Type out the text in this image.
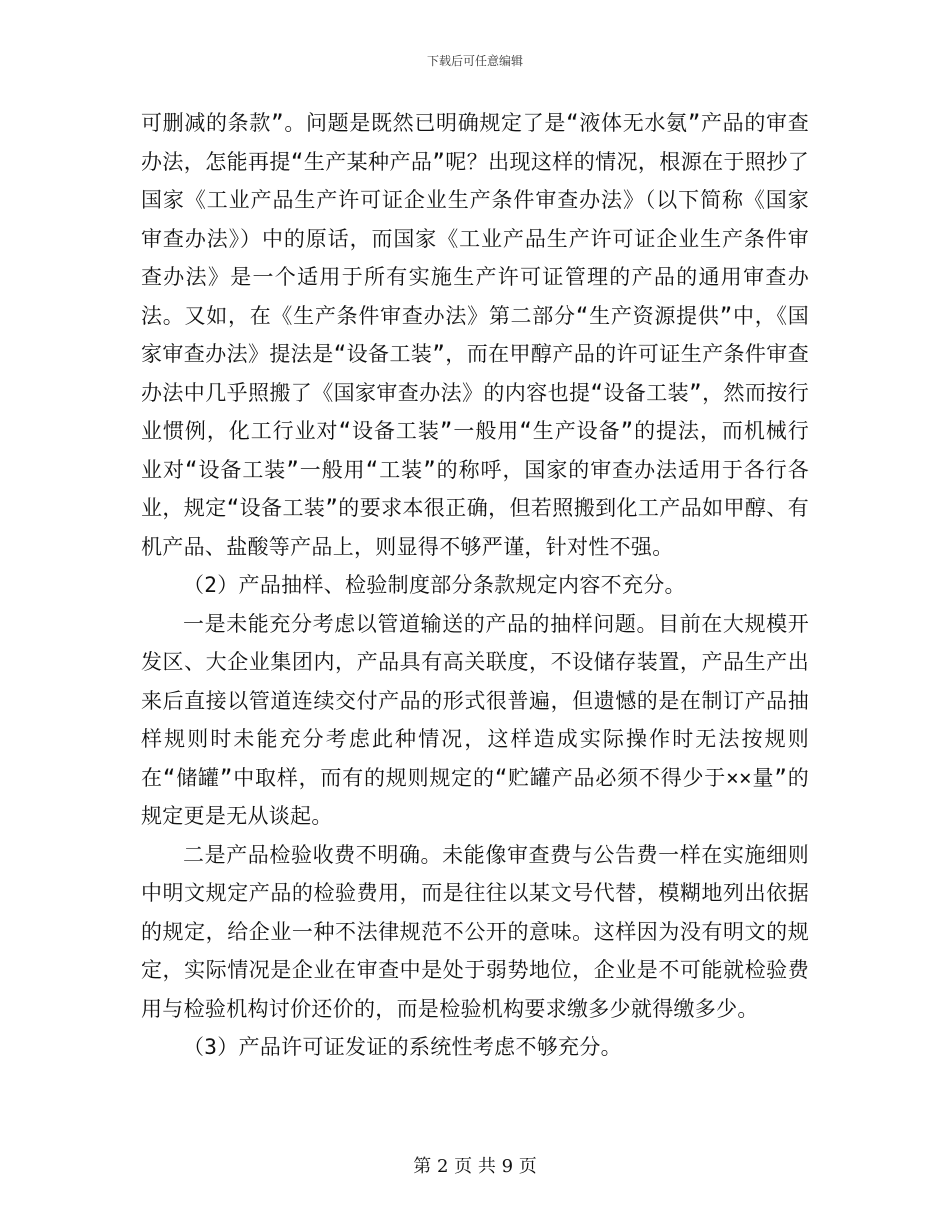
下载后可任意编辑

可删减的条款”。问题是既然已明确规定了是“液体无水氨”产品的审查办法，怎能再提“生产某种产品”呢？出现这样的情况，根源在于照抄了国家《工业产品生产许可证企业生产条件审查办法》（以下简称《国家审查办法》）中的原话，而国家《工业产品生产许可证企业生产条件审查办法》是一个适用于所有实施生产许可证管理的产品的通用审查办法。又如，在《生产条件审查办法》第二部分“生产资源提供”中，《国家审查办法》提法是“设备工装”，而在甲醇产品的许可证生产条件审查办法中几乎照搬了《国家审查办法》的内容也提“设备工装”，然而按行业惯例，化工行业对“设备工装”一般用“生产设备”的提法，而机械行业对“设备工装”一般用“工装”的称呼，国家的审查办法适用于各行各业，规定“设备工装”的要求本很正确，但若照搬到化工产品如甲醇、有机产品、盐酸等产品上，则显得不够严谨，针对性不强。

（2）产品抽样、检验制度部分条款规定内容不充分。

一是未能充分考虑以管道输送的产品的抽样问题。目前在大规模开发区、大企业集团内，产品具有高关联度，不设储存装置，产品生产出来后直接以管道连续交付产品的形式很普遍，但遗憾的是在制订产品抽样规则时未能充分考虑此种情况，这样造成实际操作时无法按规则在“储罐”中取样，而有的规则规定的“贮罐产品必须不得少于××量”的规定更是无从谈起。

二是产品检验收费不明确。未能像审查费与公告费一样在实施细则中明文规定产品的检验费用，而是往往以某文号代替，模糊地列出依据的规定，给企业一种不法律规范不公开的意味。这样因为没有明文的规定，实际情况是企业在审查中是处于弱势地位，企业是不可能就检验费用与检验机构讨价还价的，而是检验机构要求缴多少就得缴多少。

（3）产品许可证发证的系统性考虑不够充分。

第 2 页 共 9 页
